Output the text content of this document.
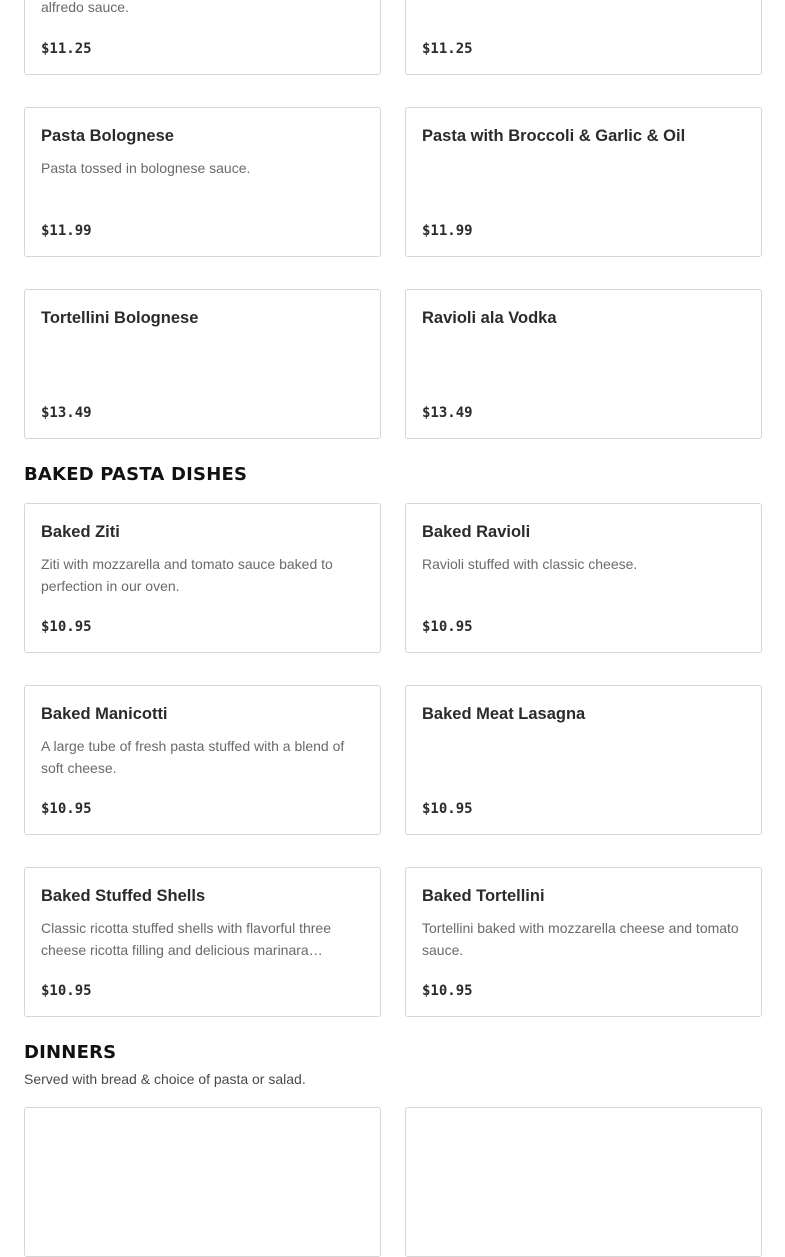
alfredo sauce.

$11.25	$11.25
Pasta Bolognese

Pasta tossed in bolognese sauce.

$11.99
Pasta with Broccoli & Garlic & Oil
$11.99
Tortellini Bolognese
$13.49
Ravioli ala Vodka
$13.49
BAKED PASTA DISHES
Baked Ziti

Ziti with mozzarella and tomato sauce baked to perfection in our oven.

$10.95
Baked Ravioli

Ravioli stuffed with classic cheese.

$10.95
Baked Manicotti

A large tube of fresh pasta stuffed with a blend of soft cheese.

$10.95
Baked Meat Lasagna
$10.95
Baked Stuffed Shells

Classic ricotta stuffed shells with flavorful three cheese ricotta filling and delicious marinara…

$10.95
Baked Tortellini

Tortellini baked with mozzarella cheese and tomato sauce.

$10.95
DINNERS

Served with bread & choice of pasta or salad.
